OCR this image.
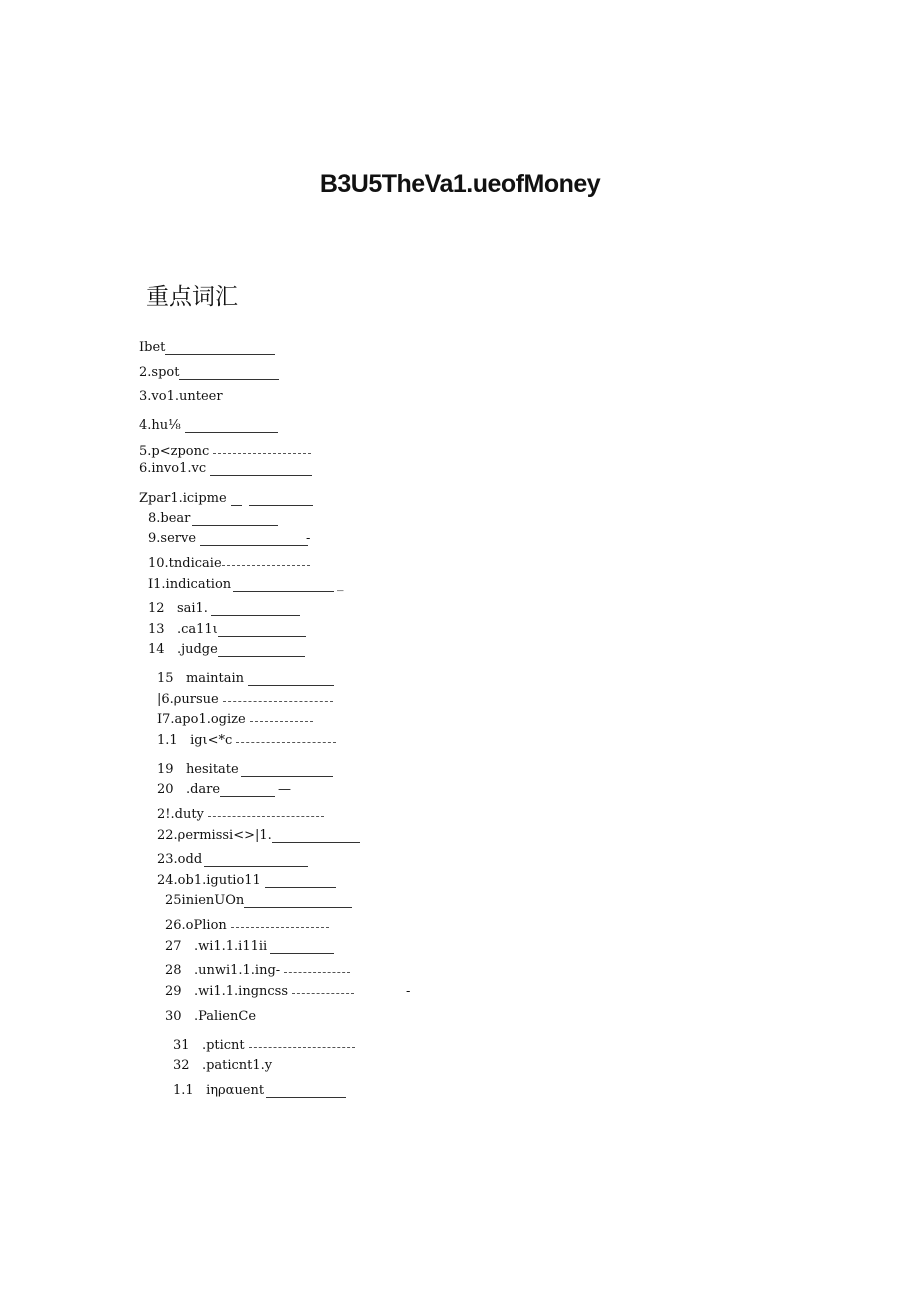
B3U5TheVa1.ueofMoney
重点词汇
Ibet
2.spot
3.vo1.unteer
4.hu⅛
5.p<zponc
6.invo1.vc
Zpar1.icipme
8.bear
9.serve
10.tndicaie
I1.indication
12   sai1.
13   .ca11ι
14   .judge
15   maintain
|6.ρursue
I7.apo1.ogize
1.1   igι<*c
19   hesitate
20   .dare
2!.duty
22.ρermissi<>|1.
23.odd
24.ob1.igutio11
25inienUOn
26.oPlion
27   .wi1.1.i11ii
28   .unwi1.1.ing-
29   .wi1.1.ingncss
30   .PalienCe
31   .pticnt
32   .paticnt1.y
1.1   iηραuent
-
-
—
_
